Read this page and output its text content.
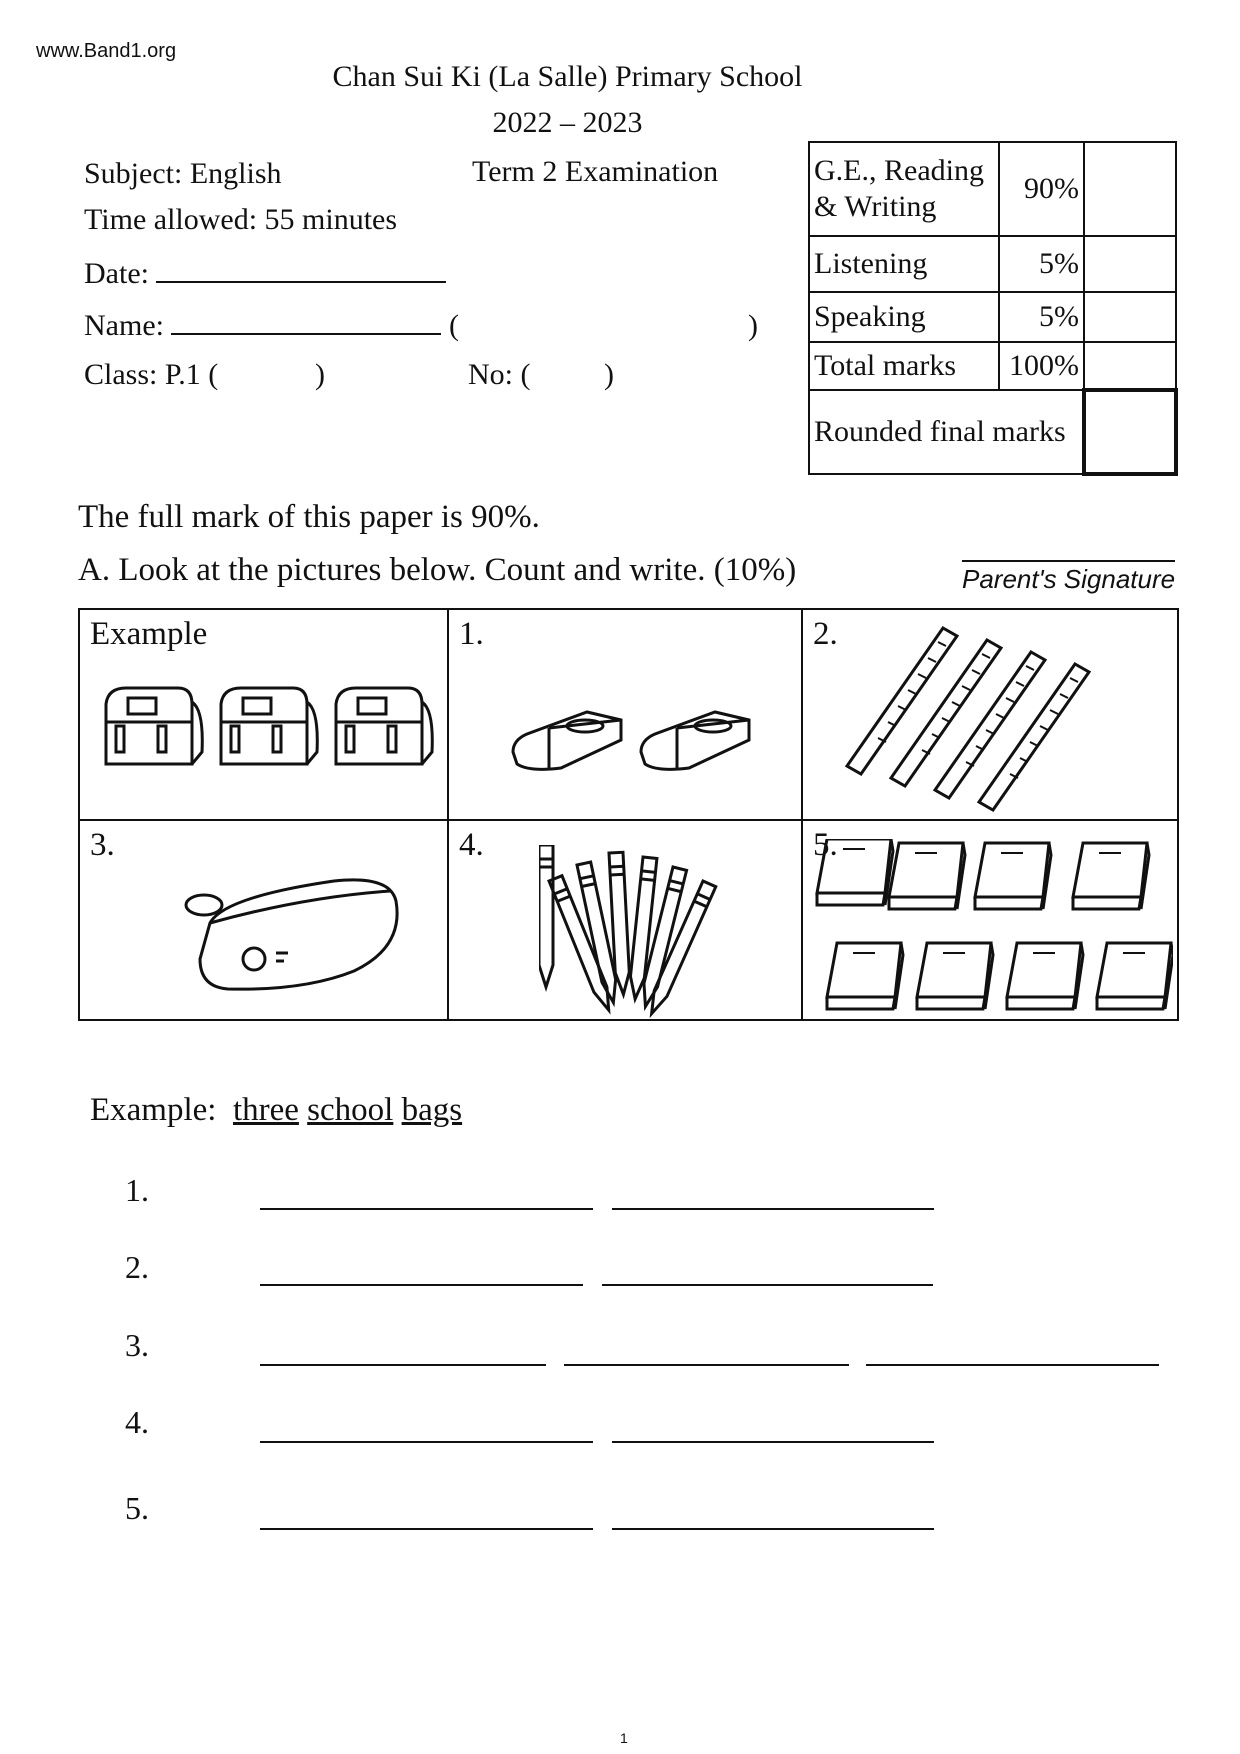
www.Band1.org
Chan Sui Ki (La Salle) Primary School
2022 – 2023
Subject: English	Term 2 Examination
Time allowed: 55 minutes
Date:
Name:	(	)
Class: P.1 (	)	No: ( )
G.E., Reading & Writing	90%	
Listening	5%	
Speaking	5%	
Total marks	100%	
Rounded final marks		
The full mark of this paper is 90%.
A. Look at the pictures below. Count and write. (10%)	Parent's Signature
Example	1.	2.
3.	4.	5.
Example: three school bags
1.
2.
3.
4.
5.
1
